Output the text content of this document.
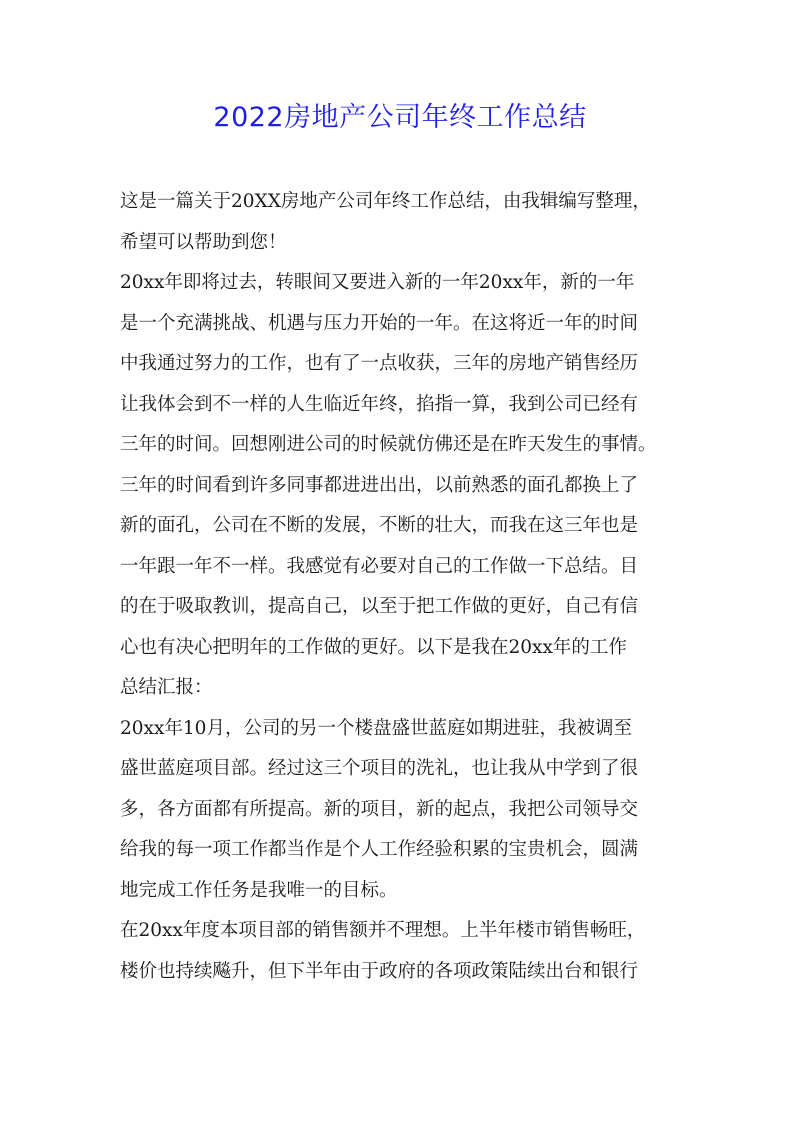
2022房地产公司年终工作总结
这是一篇关于20XX房地产公司年终工作总结，由我辑编写整理，
希望可以帮助到您！
20xx年即将过去，转眼间又要进入新的一年20xx年，新的一年
是一个充满挑战、机遇与压力开始的一年。在这将近一年的时间
中我通过努力的工作，也有了一点收获，三年的房地产销售经历
让我体会到不一样的人生临近年终，掐指一算，我到公司已经有
三年的时间。回想刚进公司的时候就仿佛还是在昨天发生的事情。
三年的时间看到许多同事都进进出出，以前熟悉的面孔都换上了
新的面孔，公司在不断的发展，不断的壮大，而我在这三年也是
一年跟一年不一样。我感觉有必要对自己的工作做一下总结。目
的在于吸取教训，提高自己，以至于把工作做的更好，自己有信
心也有决心把明年的工作做的更好。以下是我在20xx年的工作
总结汇报：
20xx年10月，公司的另一个楼盘盛世蓝庭如期进驻，我被调至
盛世蓝庭项目部。经过这三个项目的洗礼，也让我从中学到了很
多，各方面都有所提高。新的项目，新的起点，我把公司领导交
给我的每一项工作都当作是个人工作经验积累的宝贵机会，圆满
地完成工作任务是我唯一的目标。
在20xx年度本项目部的销售额并不理想。上半年楼市销售畅旺，
楼价也持续飚升，但下半年由于政府的各项政策陆续出台和银行
